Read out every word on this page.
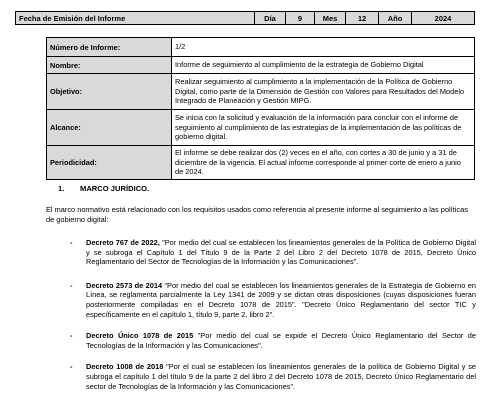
Fecha de Emisión del Informe	Día	9	Mes	12	Año	2024
Número de Informe:	1/2
Nombre:	Informe de seguimiento al cumplimiento de la estrategia de Gobierno Digital
Objetivo:	Realizar seguimiento al cumplimiento a la implementación de la Política de Gobierno Digital, como parte de la Dimensión de Gestión con Valores para Resultados del Modelo Integrado de Planeación y Gestión MIPG.
Alcance:	Se inicia con la solicitud y evaluación de la información para concluir con el informe de seguimiento al cumplimiento de las estrategias de la implementación de las políticas de gobierno digital.
Periodicidad:	El informe se debe realizar dos (2) veces en el año, con cortes a 30 de junio y a 31 de diciembre de la vigencia. El actual informe corresponde al primer corte de enero a junio de 2024.
1. MARCO JURÍDICO.

El marco normativo está relacionado con los requisitos usados como referencia al presente informe al seguimiento a las políticas de gobierno digital:

- Decreto 767 de 2022, "Por medio del cual se establecen los lineamientos generales de la Política de Gobierno Digital y se subroga el Capítulo 1 del Título 9 de la Parte 2 del Libro 2 del Decreto 1078 de 2015, Decreto Único Reglamentario del Sector de Tecnologías de la Información y las Comunicaciones".
- Decreto 2573 de 2014 "Por medio del cual se establecen los lineamientos generales de la Estrategia de Gobierno en Línea, se reglamenta parcialmente la Ley 1341 de 2009 y se dictan otras disposiciones (cuyas disposiciones fueran posteriormente compiladas en el Decreto 1078 de 2015". "Decreto Único Reglamentario del sector TIC y específicamente en el capítulo 1, título 9, parte 2, libro 2".
- Decreto Único 1078 de 2015 "Por medio del cual se expide el Decreto Único Reglamentario del Sector de Tecnologías de la Información y las Comunicaciones".
- Decreto 1008 de 2018 "Por el cual se establecen los lineamientos generales de la política de Gobierno Digital y se subroga el capítulo 1 del título 9 de la parte 2 del libro 2 del Decreto 1078 de 2015, Decreto Único Reglamentario del sector de Tecnologías de la Información y las Comunicaciones".
